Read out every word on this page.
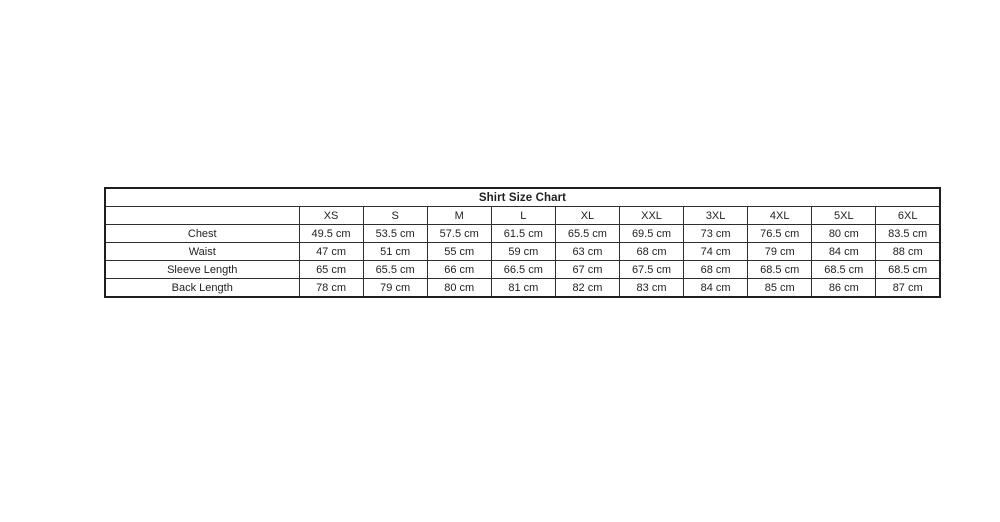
Shirt Size Chart										
	XS	S	M	L	XL	XXL	3XL	4XL	5XL	6XL
Chest	49.5 cm	53.5 cm	57.5 cm	61.5 cm	65.5 cm	69.5 cm	73 cm	76.5 cm	80 cm	83.5 cm
Waist	47 cm	51 cm	55 cm	59 cm	63 cm	68 cm	74 cm	79 cm	84 cm	88 cm
Sleeve Length	65 cm	65.5 cm	66 cm	66.5 cm	67 cm	67.5 cm	68 cm	68.5 cm	68.5 cm	68.5 cm
Back Length	78 cm	79 cm	80 cm	81 cm	82 cm	83 cm	84 cm	85 cm	86 cm	87 cm
